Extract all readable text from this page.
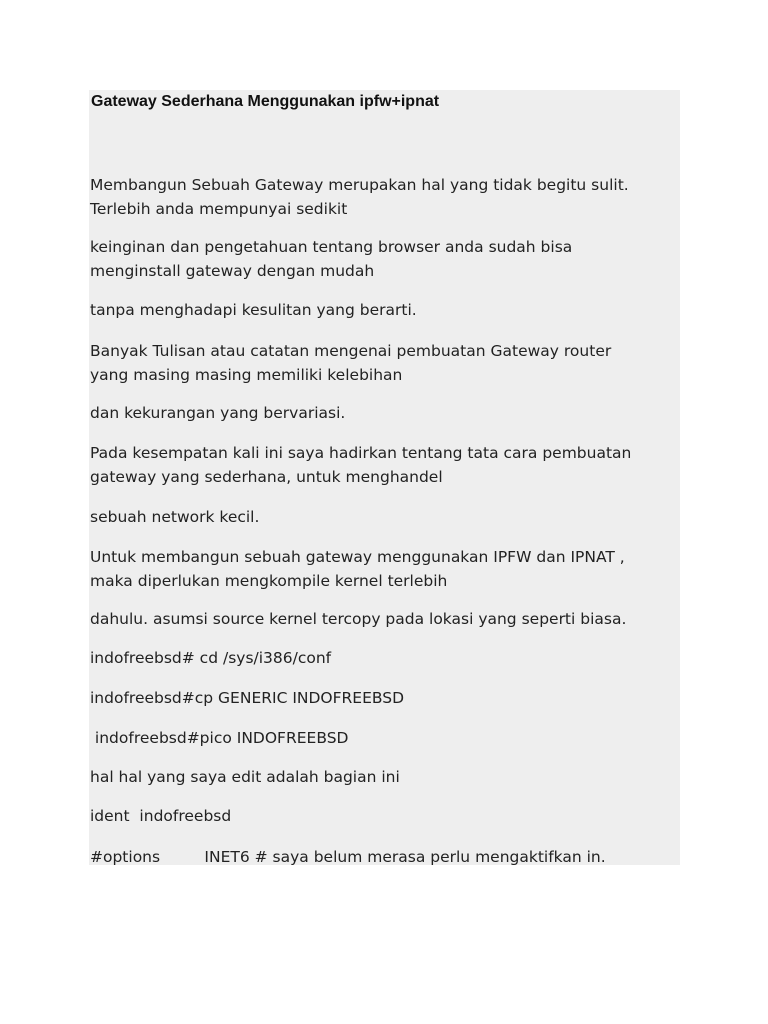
Gateway Sederhana Menggunakan ipfw+ipnat
Membangun Sebuah Gateway merupakan hal yang tidak begitu sulit.
Terlebih anda mempunyai sedikit
keinginan dan pengetahuan tentang browser anda sudah bisa
menginstall gateway dengan mudah
tanpa menghadapi kesulitan yang berarti.
Banyak Tulisan atau catatan mengenai pembuatan Gateway router
yang masing masing memiliki kelebihan
dan kekurangan yang bervariasi.
Pada kesempatan kali ini saya hadirkan tentang tata cara pembuatan
gateway yang sederhana, untuk menghandel
sebuah network kecil.
Untuk membangun sebuah gateway menggunakan IPFW dan IPNAT ,
maka diperlukan mengkompile kernel terlebih
dahulu. asumsi source kernel tercopy pada lokasi yang seperti biasa.
indofreebsd# cd /sys/i386/conf
indofreebsd#cp GENERIC INDOFREEBSD
indofreebsd#pico INDOFREEBSD
hal hal yang saya edit adalah bagian ini
ident  indofreebsd
#options         INET6 # saya belum merasa perlu mengaktifkan in.
